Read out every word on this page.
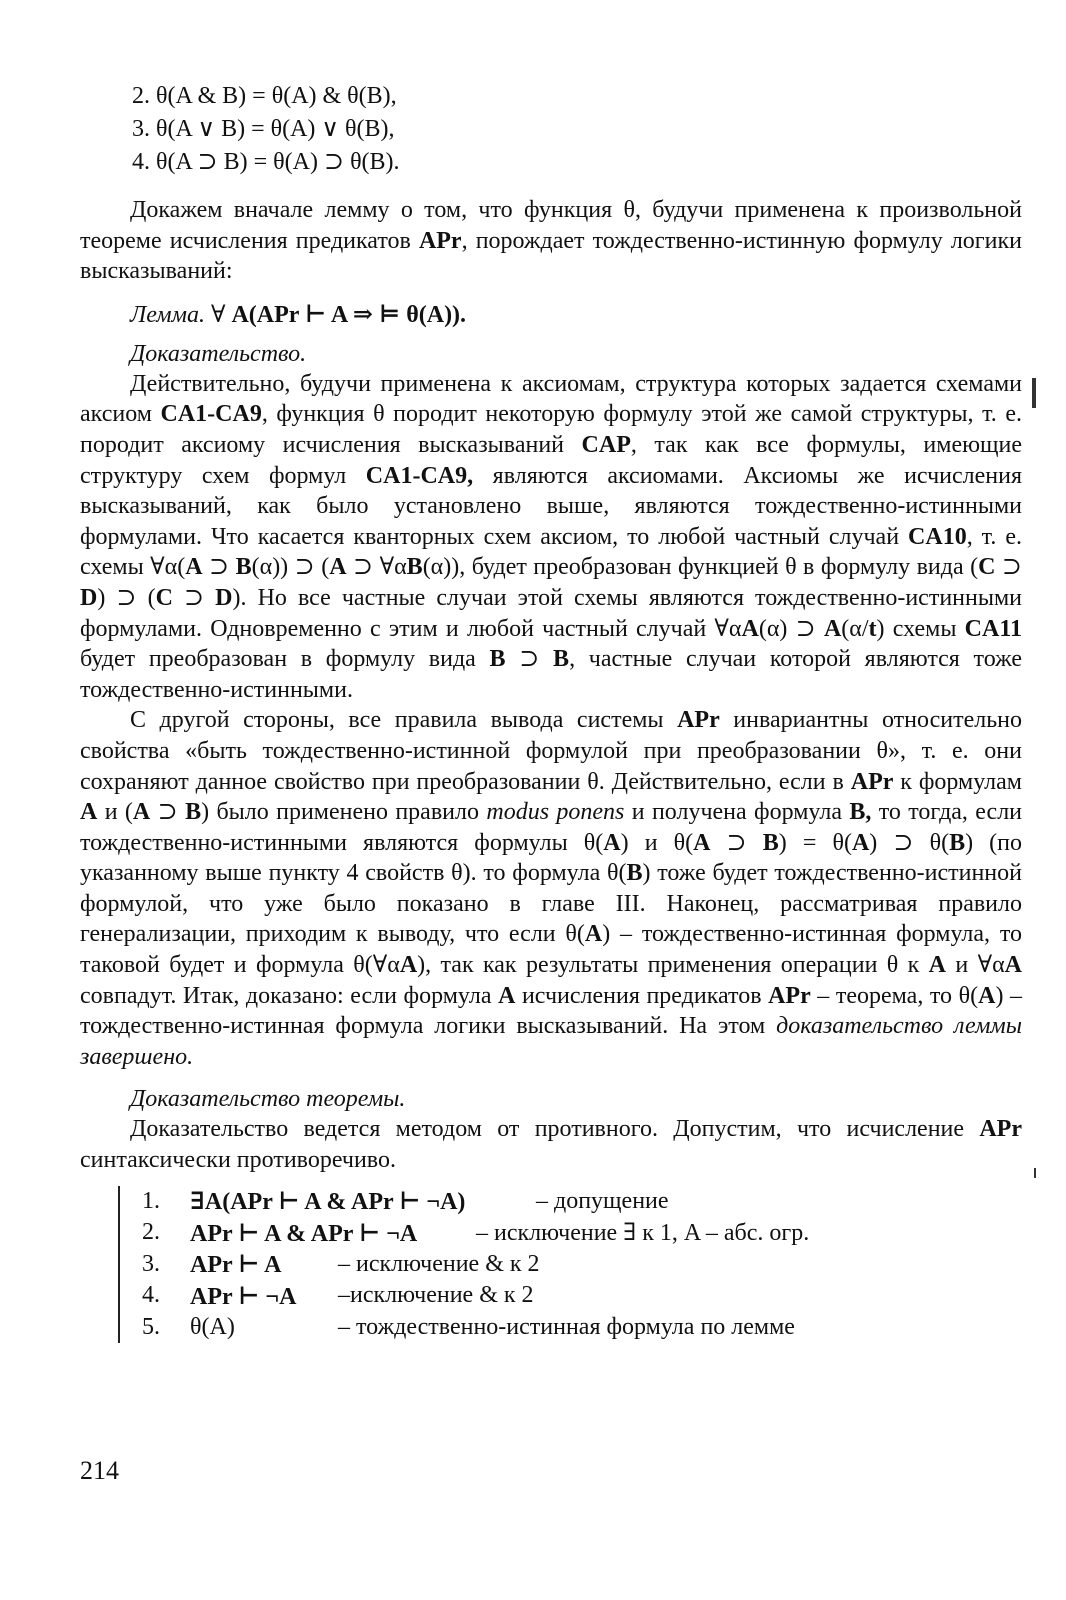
2. θ(A & B) = θ(A) & θ(B),

3. θ(A ∨ B) = θ(A) ∨ θ(B),

4. θ(A ⊃ B) = θ(A) ⊃ θ(B).

Докажем вначале лемму о том, что функция θ, будучи применена к произвольной теореме исчисления предикатов APr, порождает тождественно-истинную формулу логики высказываний:

Лемма. ∀ A(APr ⊢ A ⇒ ⊨ θ(A)).

Доказательство.

Действительно, будучи применена к аксиомам, структура которых задается схемами аксиом CA1-CA9, функция θ породит некоторую формулу этой же самой структуры, т. е. породит аксиому исчисления высказываний CAP, так как все формулы, имеющие структуру схем формул CA1-CA9, являются аксиомами. Аксиомы же исчисления высказываний, как было установлено выше, являются тождественно-истинными формулами. Что касается кванторных схем аксиом, то любой частный случай CA10, т. е. схемы ∀α(A ⊃ B(α)) ⊃ (A ⊃ ∀αB(α)), будет преобразован функцией θ в формулу вида (C ⊃ D) ⊃ (C ⊃ D). Но все частные случаи этой схемы являются тождественно-истинными формулами. Одновременно с этим и любой частный случай ∀αA(α) ⊃ A(α/t) схемы CA11 будет преобразован в формулу вида B ⊃ B, частные случаи которой являются тоже тождественно-истинными.

С другой стороны, все правила вывода системы APr инвариантны относительно свойства «быть тождественно-истинной формулой при преобразовании θ», т. е. они сохраняют данное свойство при преобразовании θ. Действительно, если в APr к формулам A и (A ⊃ B) было применено правило modus ponens и получена формула B, то тогда, если тождественно-истинными являются формулы θ(A) и θ(A ⊃ B) = θ(A) ⊃ θ(B) (по указанному выше пункту 4 свойств θ). то формула θ(B) тоже будет тождественно-истинной формулой, что уже было показано в главе III. Наконец, рассматривая правило генерализации, приходим к выводу, что если θ(A) – тождественно-истинная формула, то таковой будет и формула θ(∀αA), так как результаты применения операции θ к A и ∀αA совпадут. Итак, доказано: если формула A исчисления предикатов APr – теорема, то θ(A) – тождественно-истинная формула логики высказываний. На этом доказательство леммы завершено.

Доказательство теоремы.

Доказательство ведется методом от противного. Допустим, что исчисление APr синтаксически противоречиво.

1.	∃A(APr ⊢ A & APr ⊢ ¬A)	– допущение
2.	APr ⊢ A & APr ⊢ ¬A	– исключение ∃ к 1, A – абс. огр.
3.	APr ⊢ A	– исключение & к 2
4.	APr ⊢ ¬A	–исключение & к 2
5.	θ(A)	– тождественно-истинная формула по лемме
214
